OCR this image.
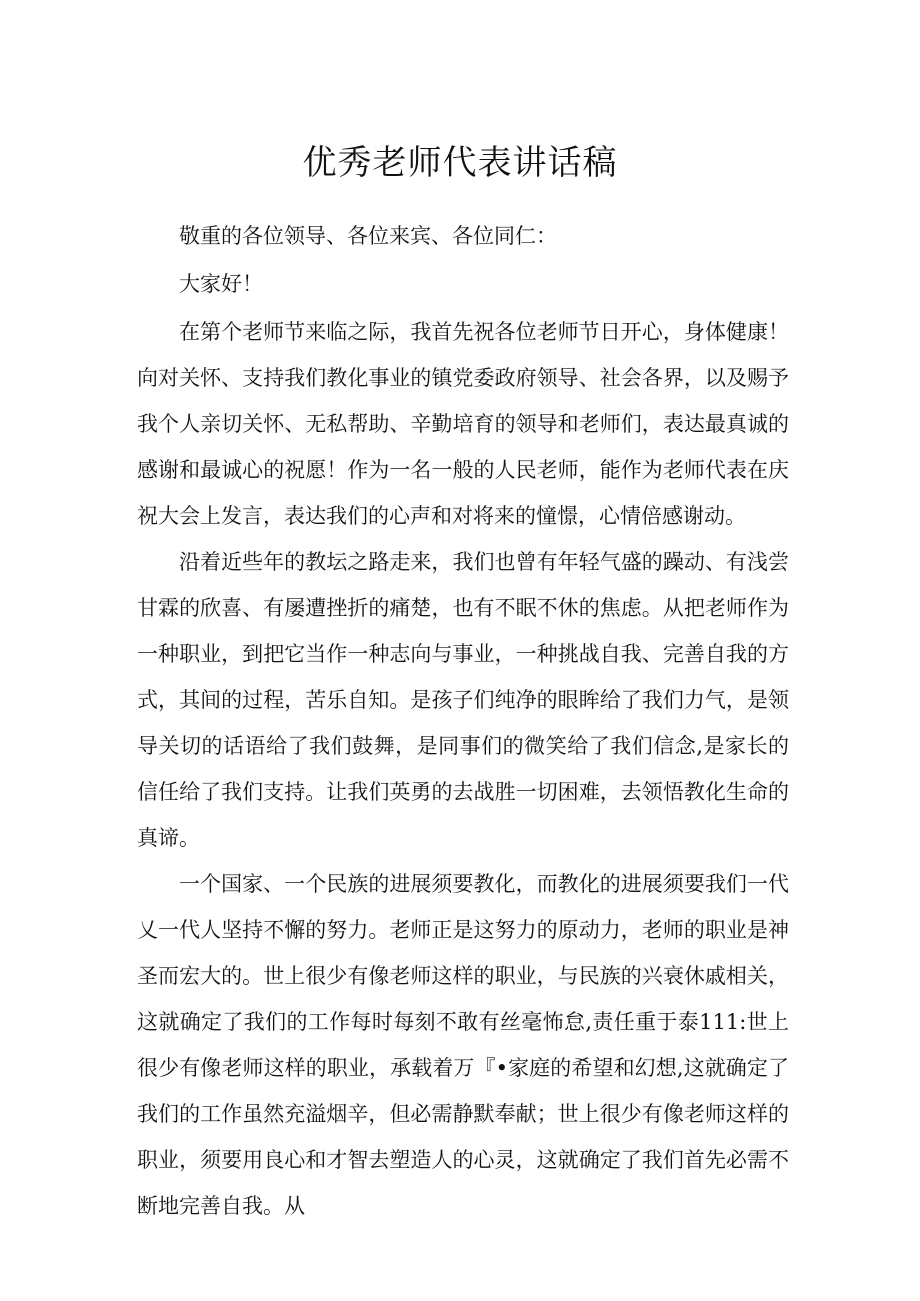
优秀老师代表讲话稿

敬重的各位领导、各位来宾、各位同仁：

大家好！

在第个老师节来临之际，我首先祝各位老师节日开心，身体健康！向对关怀、支持我们教化事业的镇党委政府领导、社会各界，以及赐予我个人亲切关怀、无私帮助、辛勤培育的领导和老师们，表达最真诚的感谢和最诚心的祝愿！作为一名一般的人民老师，能作为老师代表在庆祝大会上发言，表达我们的心声和对将来的憧憬，心情倍感谢动。

沿着近些年的教坛之路走来，我们也曾有年轻气盛的躁动、有浅尝甘霖的欣喜、有屡遭挫折的痛楚，也有不眠不休的焦虑。从把老师作为一种职业，到把它当作一种志向与事业，一种挑战自我、完善自我的方式，其间的过程，苦乐自知。是孩子们纯净的眼眸给了我们力气，是领导关切的话语给了我们鼓舞，是同事们的微笑给了我们信念,是家长的信任给了我们支持。让我们英勇的去战胜一切困难，去领悟教化生命的真谛。

一个国家、一个民族的进展须要教化，而教化的进展须要我们一代乂一代人坚持不懈的努力。老师正是这努力的原动力，老师的职业是神圣而宏大的。世上很少有像老师这样的职业，与民族的兴衰休戚相关，这就确定了我们的工作每时每刻不敢有丝毫怖怠,责任重于泰111:世上很少有像老师这样的职业，承载着万『•家庭的希望和幻想,这就确定了我们的工作虽然充溢烟辛，但必需静默奉献；世上很少有像老师这样的职业，须要用良心和才智去塑造人的心灵，这就确定了我们首先必需不断地完善自我。从
